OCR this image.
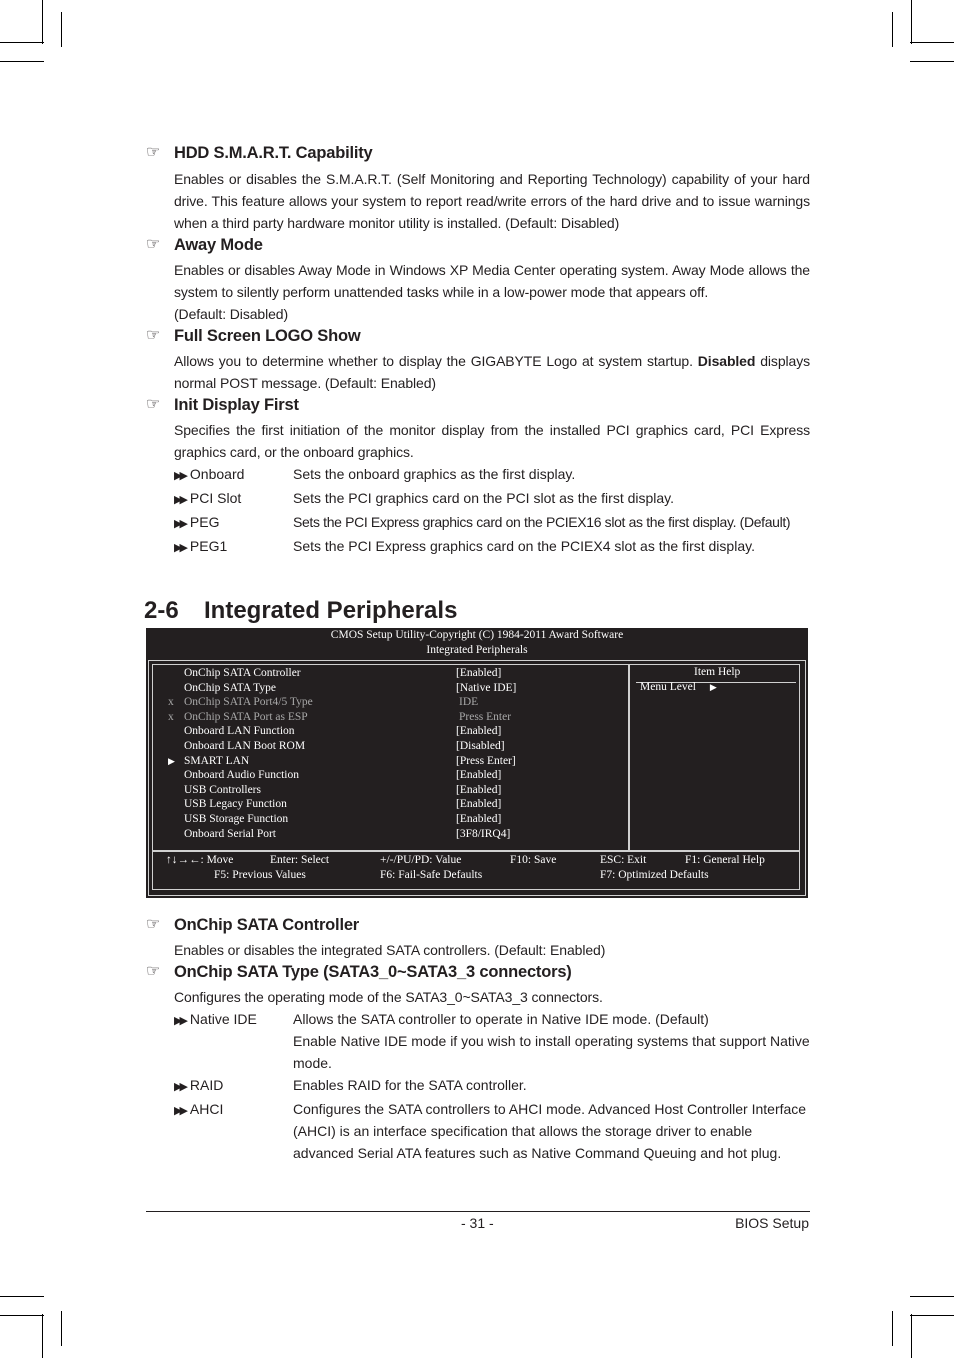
☞ HDD S.M.A.R.T. Capability
Enables or disables the S.M.A.R.T. (Self Monitoring and Reporting Technology) capability of your hard drive. This feature allows your system to report read/write errors of the hard drive and to issue warnings when a third party hardware monitor utility is installed. (Default: Disabled)
☞ Away Mode
Enables or disables Away Mode in Windows XP Media Center operating system. Away Mode allows the system to silently perform unattended tasks while in a low-power mode that appears off.
(Default: Disabled)
☞ Full Screen LOGO Show
Allows you to determine whether to display the GIGABYTE Logo at system startup. Disabled displays normal POST message. (Default: Enabled)
☞ Init Display First
Specifies the first initiation of the monitor display from the installed PCI graphics card, PCI Express graphics card, or the onboard graphics.
▶▶ Onboard	Sets the onboard graphics as the first display.
▶▶ PCI Slot	Sets the PCI graphics card on the PCI slot as the first display.
▶▶ PEG	Sets the PCI Express graphics card on the PCIEX16 slot as the first display. (Default)
▶▶ PEG1	Sets the PCI Express graphics card on the PCIEX4 slot as the first display.
2-6 Integrated Peripherals
CMOS Setup Utility-Copyright (C) 1984-2011 Award Software
Integrated Peripherals
Item Help
Menu Level ▶
OnChip SATA Controller	[Enabled]
OnChip SATA Type	[Native IDE]
x OnChip SATA Port4/5 Type	IDE
x OnChip SATA Port as ESP	Press Enter
Onboard LAN Function	[Enabled]
Onboard LAN Boot ROM	[Disabled]
▶ SMART LAN	[Press Enter]
Onboard Audio Function	[Enabled]
USB Controllers	[Enabled]
USB Legacy Function	[Enabled]
USB Storage Function	[Enabled]
Onboard Serial Port	[3F8/IRQ4]
↑↓→←: Move	Enter: Select	+/-/PU/PD: Value	F10: Save	ESC: Exit	F1: General Help
F5: Previous Values	F6: Fail-Safe Defaults	F7: Optimized Defaults
☞ OnChip SATA Controller
Enables or disables the integrated SATA controllers. (Default: Enabled)
☞ OnChip SATA Type (SATA3_0~SATA3_3 connectors)
Configures the operating mode of the SATA3_0~SATA3_3 connectors.
▶▶ Native IDE	Allows the SATA controller to operate in Native IDE mode. (Default)
Enable Native IDE mode if you wish to install operating systems that support Native mode.
▶▶ RAID	Enables RAID for the SATA controller.
▶▶ AHCI	Configures the SATA controllers to AHCI mode. Advanced Host Controller Interface (AHCI) is an interface specification that allows the storage driver to enable advanced Serial ATA features such as Native Command Queuing and hot plug.
- 31 -	BIOS Setup
